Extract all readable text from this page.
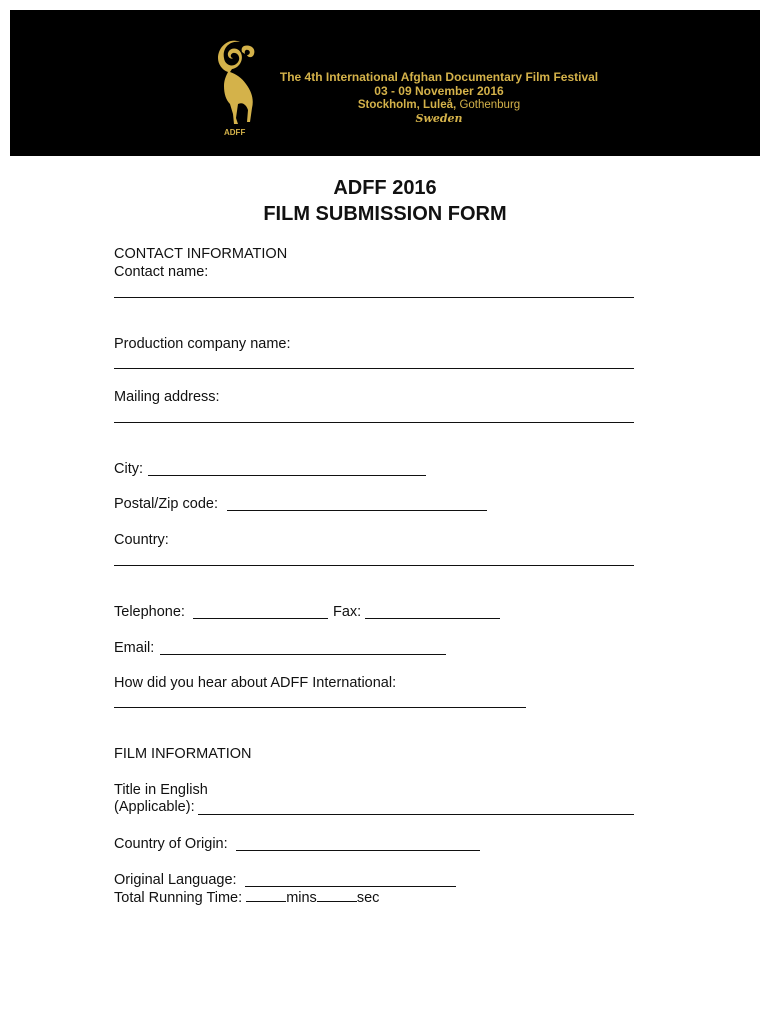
ADFF
The 4th International Afghan Documentary Film Festival
03 - 09 November 2016
Stockholm, Luleå, Gothenburg
Sweden
ADFF 2016
FILM SUBMISSION FORM
CONTACT INFORMATION
Contact name:
Production company name:
Mailing address:
City:
Postal/Zip code:
Country:
Telephone:	Fax:
Email:
How did you hear about ADFF International:
FILM INFORMATION
Title in English
(Applicable):
Country of Origin:
Original Language:
Total Running Time:	mins	sec
